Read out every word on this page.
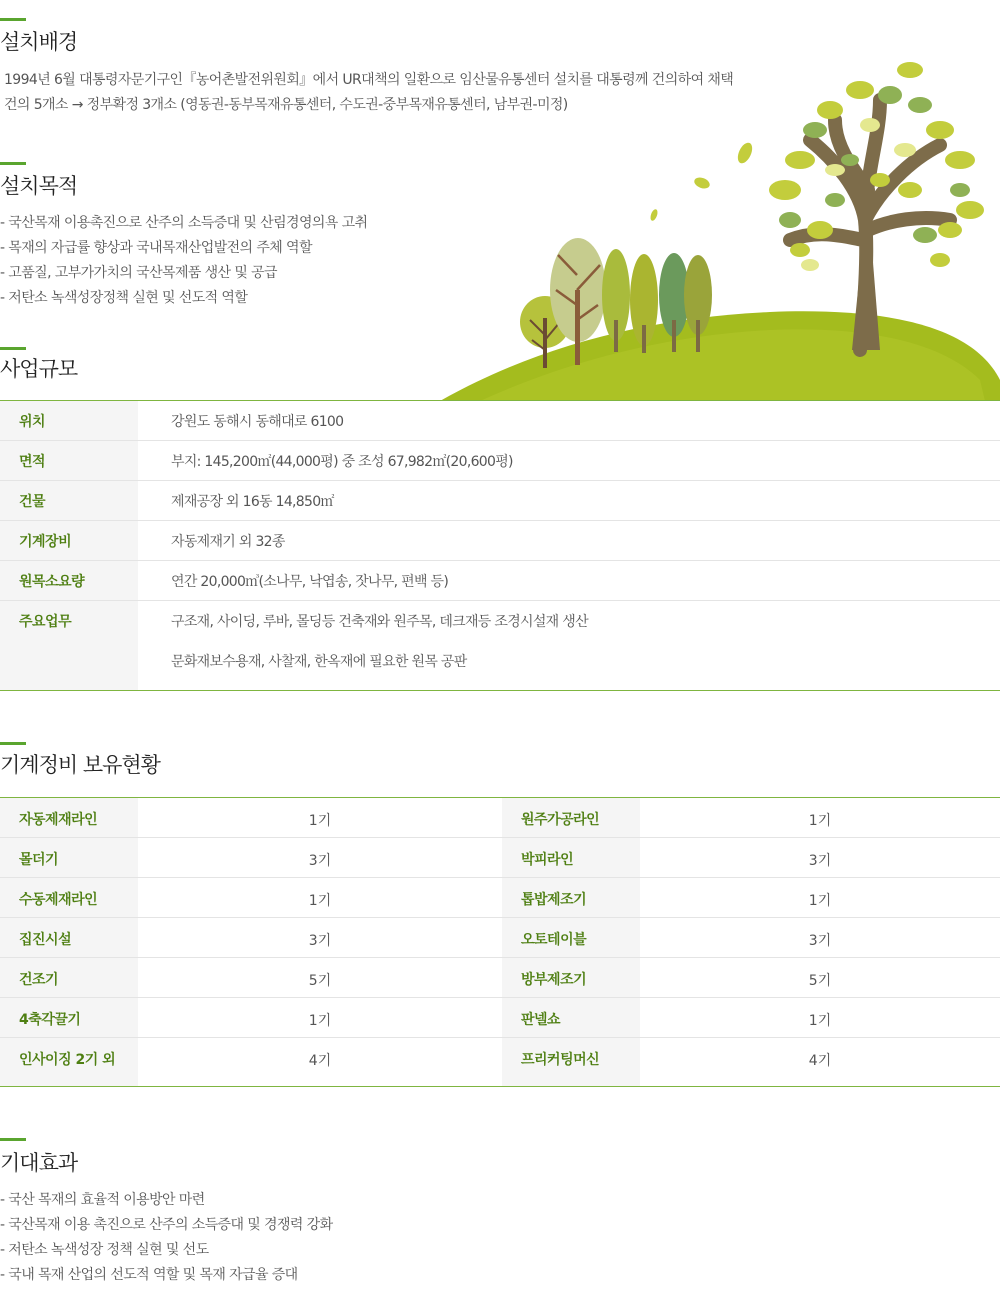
설치배경

1994년 6월 대통령자문기구인『농어촌발전위원회』에서 UR대책의 일환으로 임산물유통센터 설치를 대통령께 건의하여 채택

건의 5개소 → 정부확정 3개소 (영동권-동부목재유통센터, 수도권-중부목재유통센터, 남부권-미정)

설치목적
- 국산목재 이용촉진으로 산주의 소득증대 및 산림경영의욕 고취
- 목재의 자급률 향상과 국내목재산업발전의 주체 역할
- 고품질, 고부가가치의 국산목제품 생산 및 공급
- 저탄소 녹색성장정책 실현 및 선도적 역할
사업규모
위치	강원도 동해시 동해대로 6100
면적	부지: 145,200㎡(44,000평) 중 조성 67,982㎡(20,600평)
건물	제재공장 외 16동 14,850㎡
기계장비	자동제재기 외 32종
원목소요량	연간 20,000㎥(소나무, 낙엽송, 잣나무, 편백 등)
주요업무	구조재, 사이딩, 루바, 몰딩등 건축재와 원주목, 데크재등 조경시설재 생산
문화재보수용재, 사찰재, 한옥재에 필요한 원목 공판
기계정비 보유현황
자동제재라인	1기	원주가공라인	1기
몰더기	3기	박피라인	3기
수동제재라인	1기	톱밥제조기	1기
집진시설	3기	오토테이블	3기
건조기	5기	방부제조기	5기
4축각끌기	1기	판넬쇼	1기
인사이징 2기 외	4기	프리커팅머신	4기
기대효과
- 국산 목재의 효율적 이용방안 마련
- 국산목재 이용 촉진으로 산주의 소득증대 및 경쟁력 강화
- 저탄소 녹색성장 정책 실현 및 선도
- 국내 목재 산업의 선도적 역할 및 목재 자급율 증대
